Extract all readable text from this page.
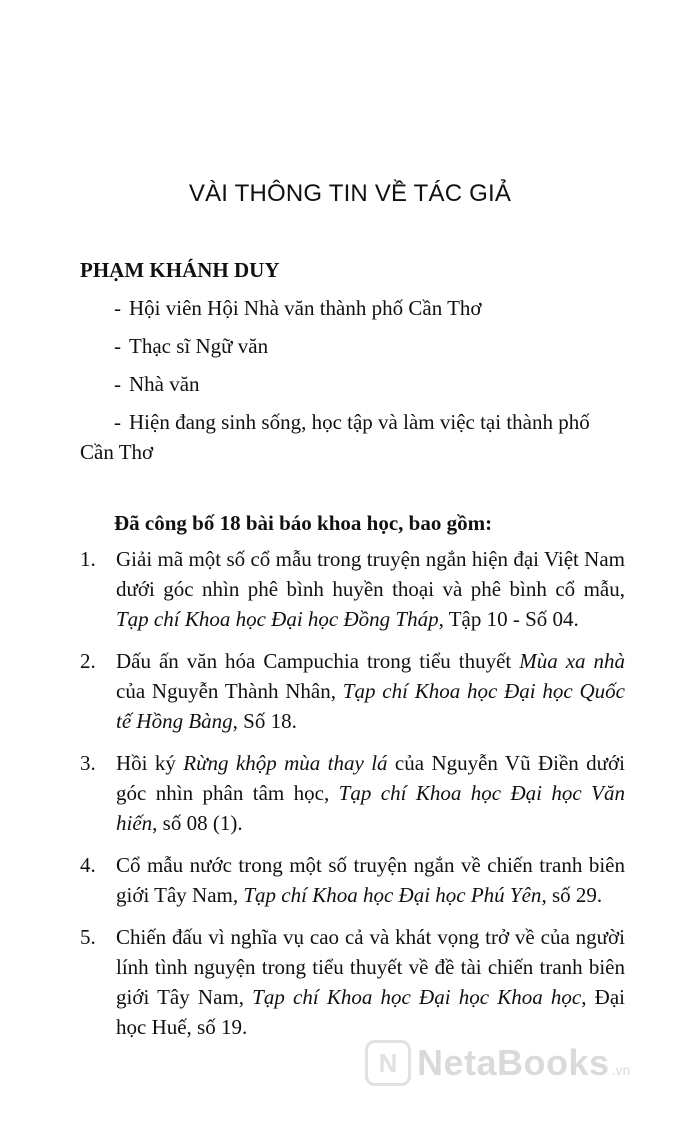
VÀI THÔNG TIN VỀ TÁC GIẢ
PHẠM KHÁNH DUY
- Hội viên Hội Nhà văn thành phố Cần Thơ
- Thạc sĩ Ngữ văn
- Nhà văn
- Hiện đang sinh sống, học tập và làm việc tại thành phố Cần Thơ
Đã công bố 18 bài báo khoa học, bao gồm:
1. Giải mã một số cổ mẫu trong truyện ngắn hiện đại Việt Nam dưới góc nhìn phê bình huyền thoại và phê bình cổ mẫu, Tạp chí Khoa học Đại học Đồng Tháp, Tập 10 - Số 04.
2. Dấu ấn văn hóa Campuchia trong tiểu thuyết Mùa xa nhà của Nguyễn Thành Nhân, Tạp chí Khoa học Đại học Quốc tế Hồng Bàng, Số 18.
3. Hồi ký Rừng khộp mùa thay lá của Nguyễn Vũ Điền dưới góc nhìn phân tâm học, Tạp chí Khoa học Đại học Văn hiến, số 08 (1).
4. Cổ mẫu nước trong một số truyện ngắn về chiến tranh biên giới Tây Nam, Tạp chí Khoa học Đại học Phú Yên, số 29.
5. Chiến đấu vì nghĩa vụ cao cả và khát vọng trở về của người lính tình nguyện trong tiểu thuyết về đề tài chiến tranh biên giới Tây Nam, Tạp chí Khoa học Đại học Khoa học, Đại học Huế, số 19.
N NetaBooks .vn
